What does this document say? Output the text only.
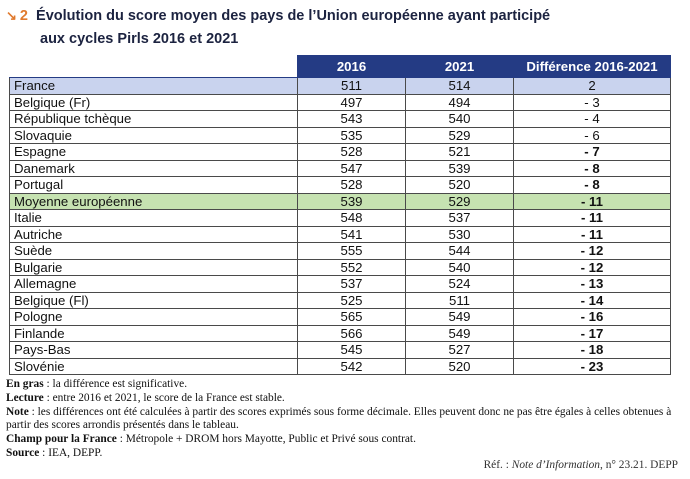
↘ 2 Évolution du score moyen des pays de l’Union européenne ayant participé
aux cycles Pirls 2016 et 2021
	2016	2021	Différence 2016-2021
France	511	514	2
Belgique (Fr)	497	494	- 3
République tchèque	543	540	- 4
Slovaquie	535	529	- 6
Espagne	528	521	- 7
Danemark	547	539	- 8
Portugal	528	520	- 8
Moyenne européenne	539	529	- 11
Italie	548	537	- 11
Autriche	541	530	- 11
Suède	555	544	- 12
Bulgarie	552	540	- 12
Allemagne	537	524	- 13
Belgique (Fl)	525	511	- 14
Pologne	565	549	- 16
Finlande	566	549	- 17
Pays-Bas	545	527	- 18
Slovénie	542	520	- 23

En gras : la différence est significative.

Lecture : entre 2016 et 2021, le score de la France est stable.

Note : les différences ont été calculées à partir des scores exprimés sous forme décimale. Elles peuvent donc ne pas être égales à celles obtenues à partir des scores arrondis présentés dans le tableau.

Champ pour la France : Métropole + DROM hors Mayotte, Public et Privé sous contrat.

Source : IEA, DEPP.

Réf. : Note d’Information, n° 23.21. DEPP
